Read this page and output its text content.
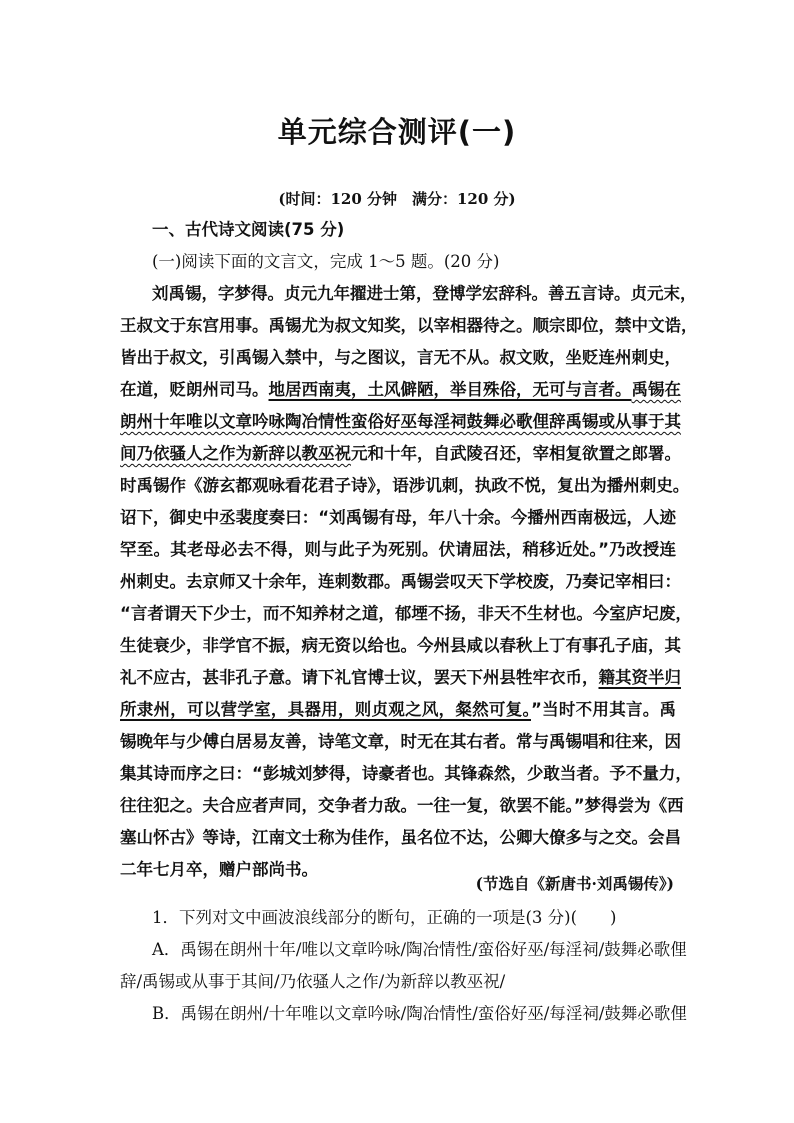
单元综合测评(一)
(时间：120 分钟　满分：120 分)
一、古代诗文阅读(75 分)
(一)阅读下面的文言文，完成 1～5 题。(20 分)
刘禹锡，字梦得。贞元九年擢进士第，登博学宏辞科。善五言诗。贞元末，
王叔文于东宫用事。禹锡尤为叔文知奖，以宰相器待之。顺宗即位，禁中文诰，
皆出于叔文，引禹锡入禁中，与之图议，言无不从。叔文败，坐贬连州刺史，
在道，贬朗州司马。地居西南夷，土风僻陋，举目殊俗，无可与言者。禹锡在
朗州十年唯以文章吟咏陶冶情性蛮俗好巫每淫祠鼓舞必歌俚辞禹锡或从事于其
间乃依骚人之作为新辞以教巫祝元和十年，自武陵召还，宰相复欲置之郎署。
时禹锡作《游玄都观咏看花君子诗》，语涉讥刺，执政不悦，复出为播州刺史。
诏下，御史中丞裴度奏曰：“刘禹锡有母，年八十余。今播州西南极远，人迹
罕至。其老母必去不得，则与此子为死别。伏请屈法，稍移近处。”乃改授连
州刺史。去京师又十余年，连刺数郡。禹锡尝叹天下学校废，乃奏记宰相曰：
“言者谓天下少士，而不知养材之道，郁堙不扬，非天不生材也。今室庐圮废，
生徒衰少，非学官不振，病无资以给也。今州县咸以春秋上丁有事孔子庙，其
礼不应古，甚非孔子意。请下礼官博士议，罢天下州县牲牢衣币，籍其资半归
所隶州，可以营学室，具器用，则贞观之风，粲然可复。”当时不用其言。禹
锡晚年与少傅白居易友善，诗笔文章，时无在其右者。常与禹锡唱和往来，因
集其诗而序之曰：“彭城刘梦得，诗豪者也。其锋森然，少敢当者。予不量力，
往往犯之。夫合应者声同，交争者力敌。一往一复，欲罢不能。”梦得尝为《西
塞山怀古》等诗，江南文士称为佳作，虽名位不达，公卿大僚多与之交。会昌
二年七月卒，赠户部尚书。
(节选自《新唐书·刘禹锡传》)
1．下列对文中画波浪线部分的断句，正确的一项是(3 分)(　　)
A．禹锡在朗州十年/唯以文章吟咏/陶冶情性/蛮俗好巫/每淫祠/鼓舞必歌俚
辞/禹锡或从事于其间/乃依骚人之作/为新辞以教巫祝/
B．禹锡在朗州/十年唯以文章吟咏/陶冶情性/蛮俗好巫/每淫祠/鼓舞必歌俚
